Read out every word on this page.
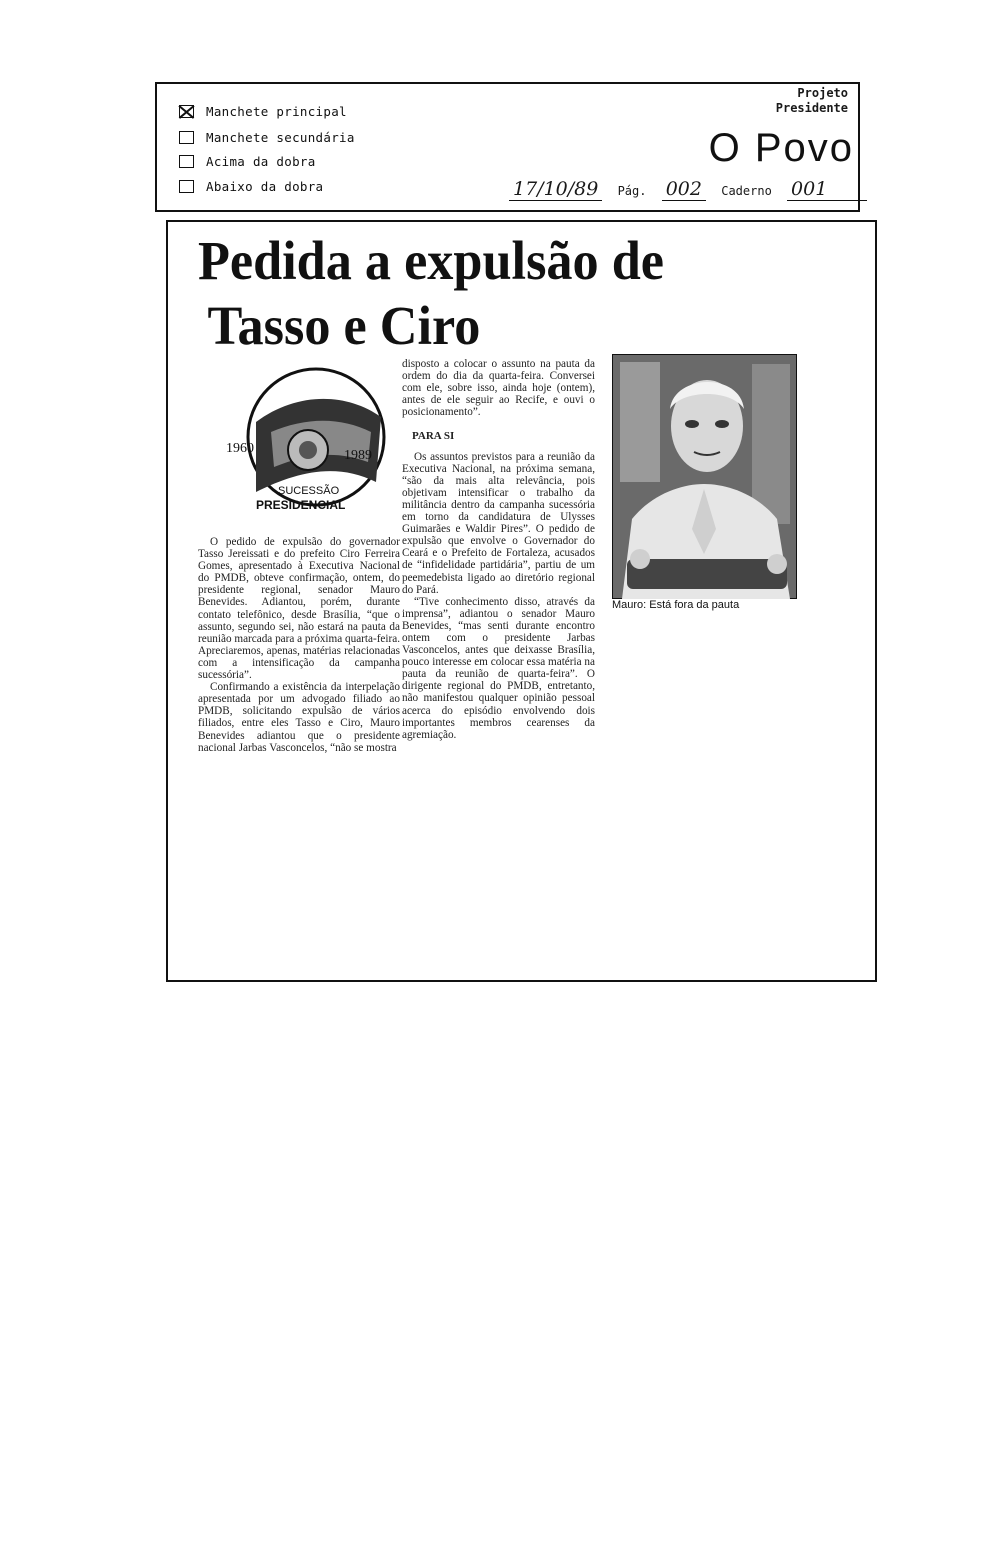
Manchete principal
Manchete secundária
Acima da dobra
Abaixo da dobra
Projeto
Presidente
O Povo
17/10/89 Pág. 002 Caderno 001
Pedida a expulsão de
Tasso e Ciro
1960	1989
SUCESSÃO
PRESIDENCIAL

O pedido de expulsão do governador Tasso Jereissati e do prefeito Ciro Ferreira Gomes, apresentado à Executiva Nacional do PMDB, obteve confirmação, ontem, do presidente regional, senador Mauro Benevides. Adiantou, porém, durante contato telefônico, desde Brasília, “que o assunto, segundo sei, não estará na pauta da reunião marcada para a próxima quarta-feira. Apreciaremos, apenas, matérias relacionadas com a intensificação da campanha sucessória”.

Confirmando a existência da interpelação apresentada por um advogado filiado ao PMDB, solicitando expulsão de vários filiados, entre eles Tasso e Ciro, Mauro Benevides adiantou que o presidente nacional Jarbas Vasconcelos, “não se mostra

disposto a colocar o assunto na pauta da ordem do dia da quarta-feira. Conversei com ele, sobre isso, ainda hoje (ontem), antes de ele seguir ao Recife, e ouvi o posicionamento”.

PARA SI

Os assuntos previstos para a reunião da Executiva Nacional, na próxima semana, “são da mais alta relevância, pois objetivam intensificar o trabalho da militância dentro da campanha sucessória em torno da candidatura de Ulysses Guimarães e Waldir Pires”. O pedido de expulsão que envolve o Governador do Ceará e o Prefeito de Fortaleza, acusados de “infidelidade partidária”, partiu de um peemedebista ligado ao diretório regional do Pará.

“Tive conhecimento disso, através da imprensa”, adiantou o senador Mauro Benevides, “mas senti durante encontro ontem com o presidente Jarbas Vasconcelos, antes que deixasse Brasília, pouco interesse em colocar essa matéria na pauta da reunião de quarta-feira”. O dirigente regional do PMDB, entretanto, não manifestou qualquer opinião pessoal acerca do episódio envolvendo dois importantes membros cearenses da agremiação.

Mauro: Está fora da pauta
